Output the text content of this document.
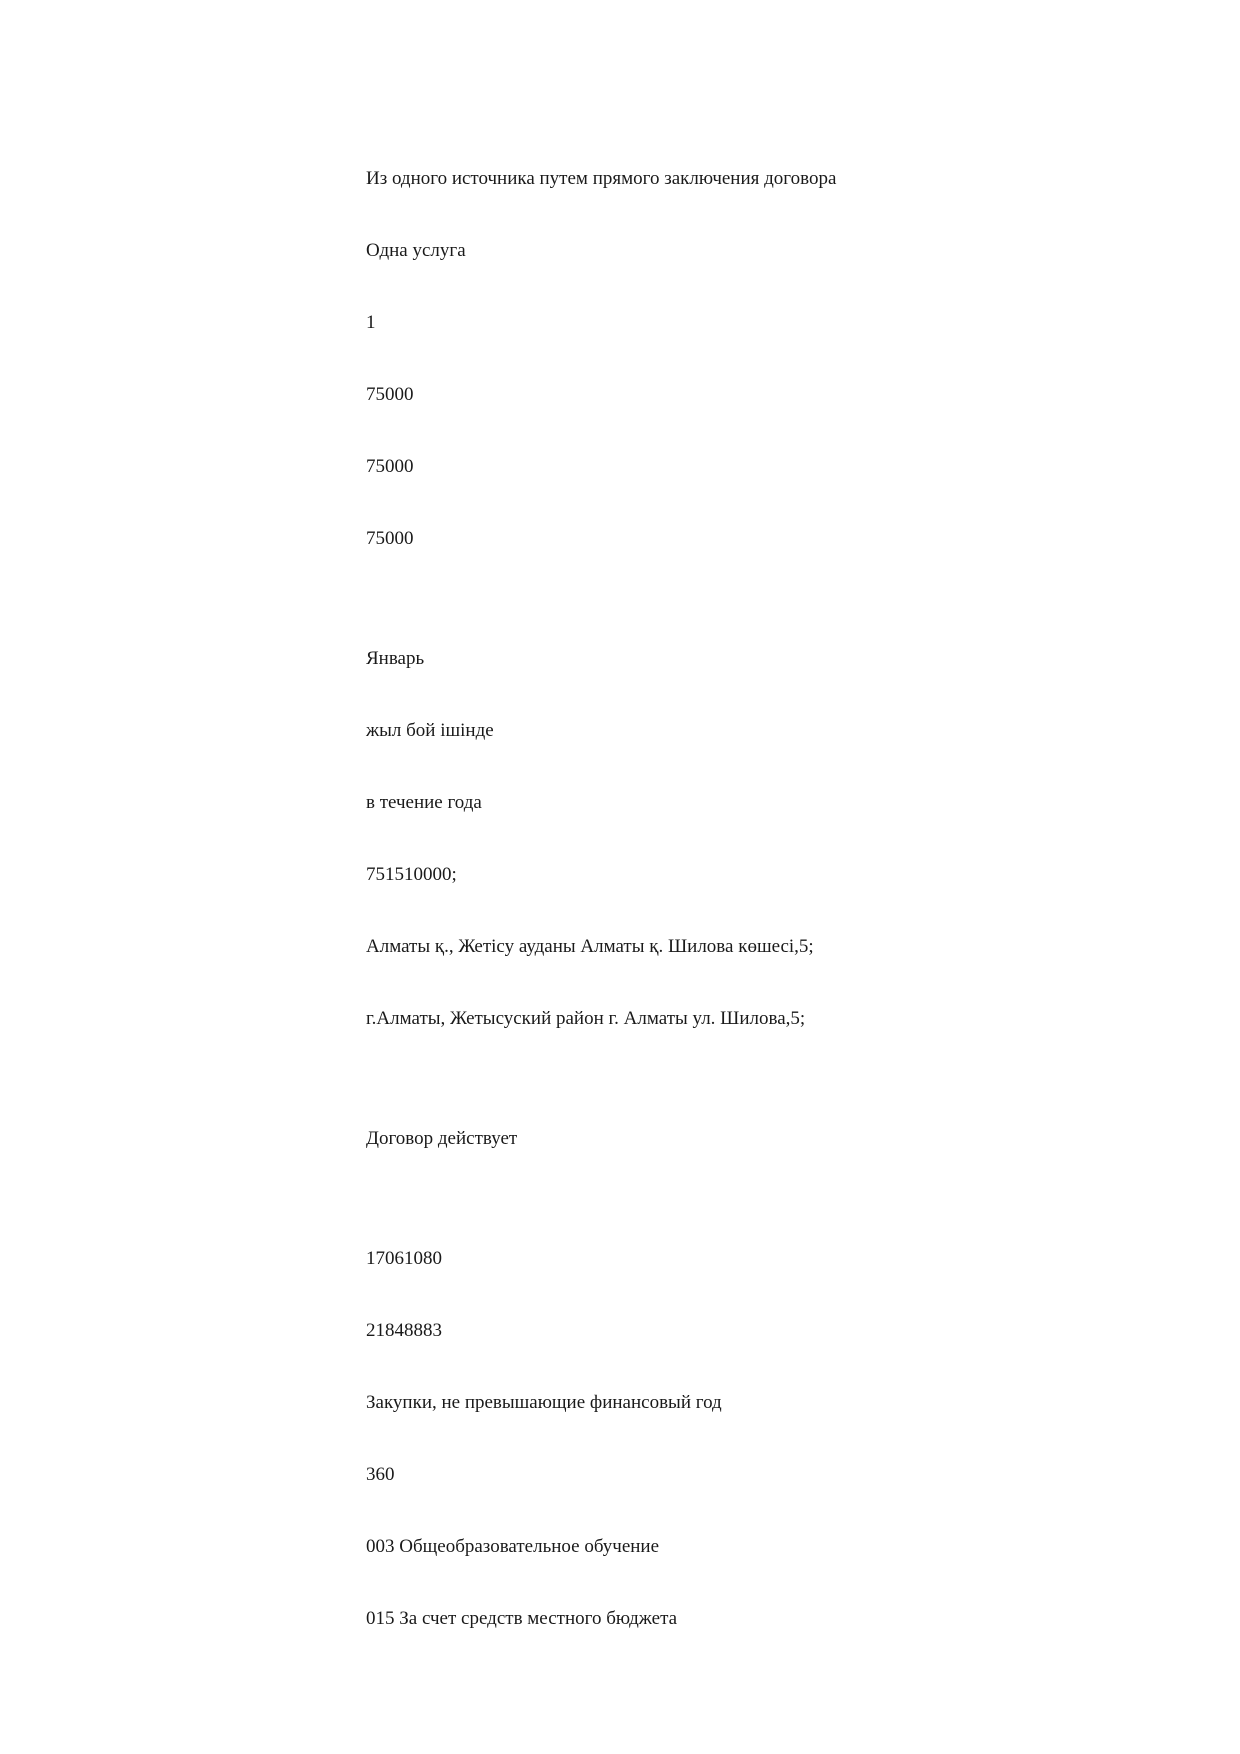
Из одного источника путем прямого заключения договора
Одна услуга
1
75000
75000
75000
Январь
жыл бой ішінде
в течение года
751510000;
Алматы қ., Жетісу ауданы Алматы қ. Шилова көшесі,5;
г.Алматы, Жетысуский район г. Алматы ул. Шилова,5;
Договор действует
17061080
21848883
Закупки, не превышающие финансовый год
360
003 Общеобразовательное обучение
015 За счет средств местного бюджета
